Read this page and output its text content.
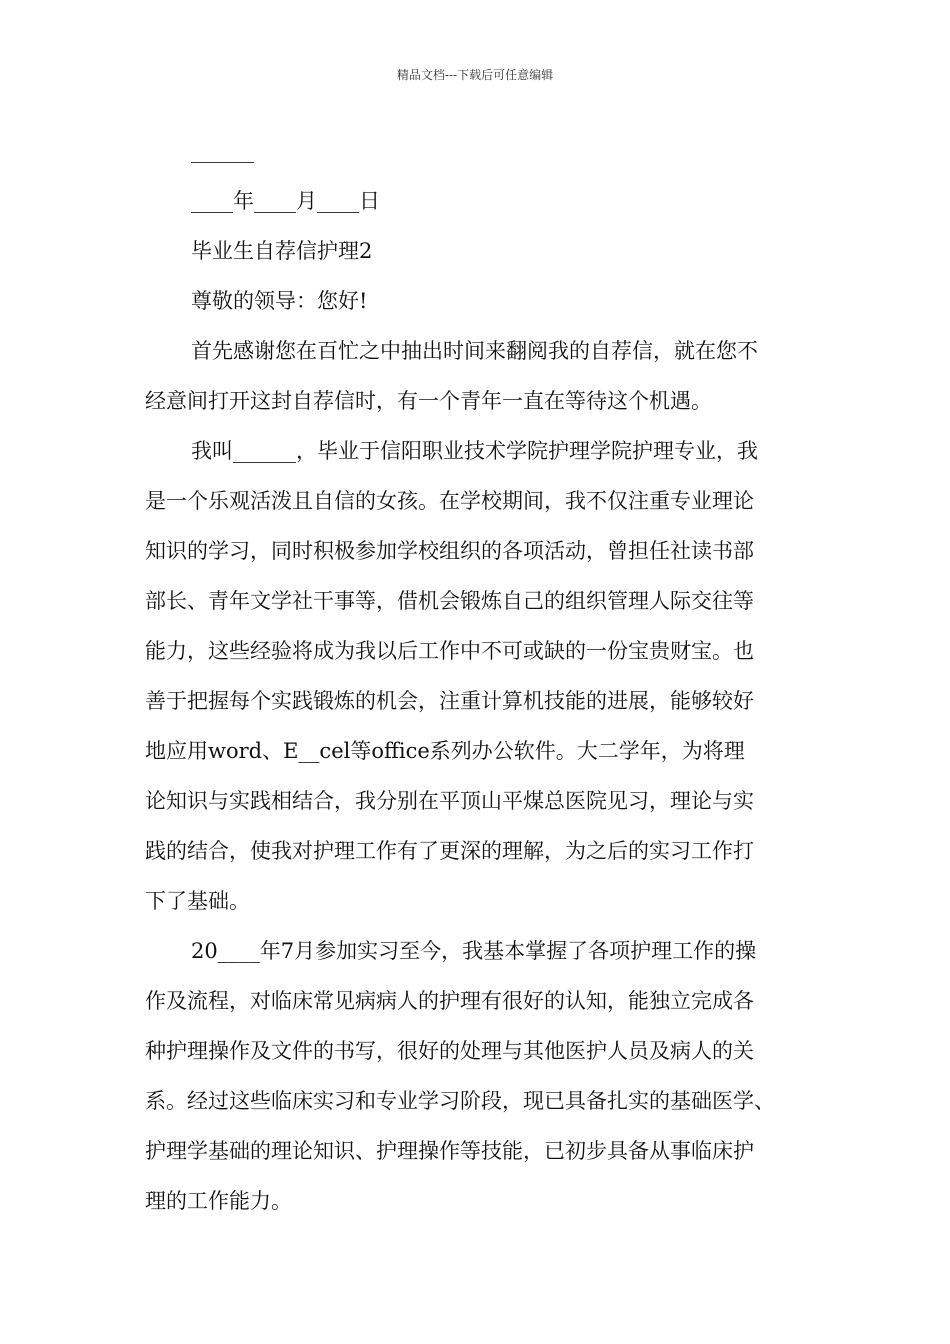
精品文档---下载后可任意编辑
______
____年____月____日
毕业生自荐信护理2
尊敬的领导：您好!
首先感谢您在百忙之中抽出时间来翻阅我的自荐信，就在您不
经意间打开这封自荐信时，有一个青年一直在等待这个机遇。
我叫______，毕业于信阳职业技术学院护理学院护理专业，我
是一个乐观活泼且自信的女孩。在学校期间，我不仅注重专业理论
知识的学习，同时积极参加学校组织的各项活动，曾担任社读书部
部长、青年文学社干事等，借机会锻炼自己的组织管理人际交往等
能力，这些经验将成为我以后工作中不可或缺的一份宝贵财宝。也
善于把握每个实践锻炼的机会，注重计算机技能的进展，能够较好
地应用word、E__cel等office系列办公软件。大二学年，为将理
论知识与实践相结合，我分别在平顶山平煤总医院见习，理论与实
践的结合，使我对护理工作有了更深的理解，为之后的实习工作打
下了基础。
20____年7月参加实习至今，我基本掌握了各项护理工作的操
作及流程，对临床常见病病人的护理有很好的认知，能独立完成各
种护理操作及文件的书写，很好的处理与其他医护人员及病人的关
系。经过这些临床实习和专业学习阶段，现已具备扎实的基础医学、
护理学基础的理论知识、护理操作等技能，已初步具备从事临床护
理的工作能力。
